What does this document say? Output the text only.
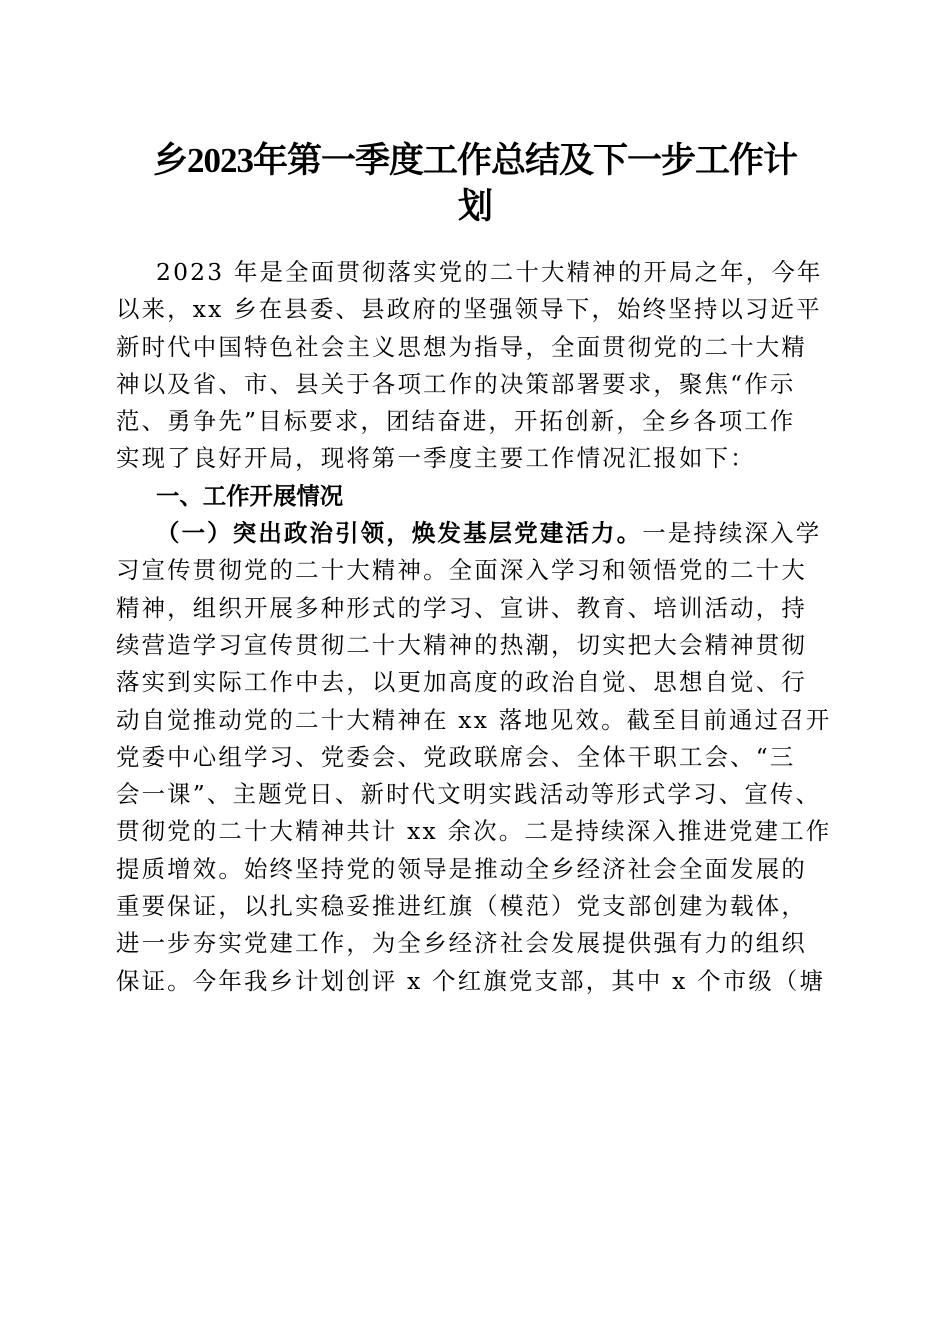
乡2023年第一季度工作总结及下一步工作计
划
2023 年是全面贯彻落实党的二十大精神的开局之年，今年
以来，xx 乡在县委、县政府的坚强领导下，始终坚持以习近平
新时代中国特色社会主义思想为指导，全面贯彻党的二十大精
神以及省、市、县关于各项工作的决策部署要求，聚焦“作示
范、勇争先”目标要求，团结奋进，开拓创新，全乡各项工作
实现了良好开局，现将第一季度主要工作情况汇报如下：
一、工作开展情况
（一）突出政治引领，焕发基层党建活力。一是持续深入学
习宣传贯彻党的二十大精神。全面深入学习和领悟党的二十大
精神，组织开展多种形式的学习、宣讲、教育、培训活动，持
续营造学习宣传贯彻二十大精神的热潮，切实把大会精神贯彻
落实到实际工作中去，以更加高度的政治自觉、思想自觉、行
动自觉推动党的二十大精神在 xx 落地见效。截至目前通过召开
党委中心组学习、党委会、党政联席会、全体干职工会、“三
会一课”、主题党日、新时代文明实践活动等形式学习、宣传、
贯彻党的二十大精神共计 xx 余次。二是持续深入推进党建工作
提质增效。始终坚持党的领导是推动全乡经济社会全面发展的
重要保证，以扎实稳妥推进红旗（模范）党支部创建为载体，
进一步夯实党建工作，为全乡经济社会发展提供强有力的组织
保证。今年我乡计划创评 x 个红旗党支部，其中 x 个市级（塘
